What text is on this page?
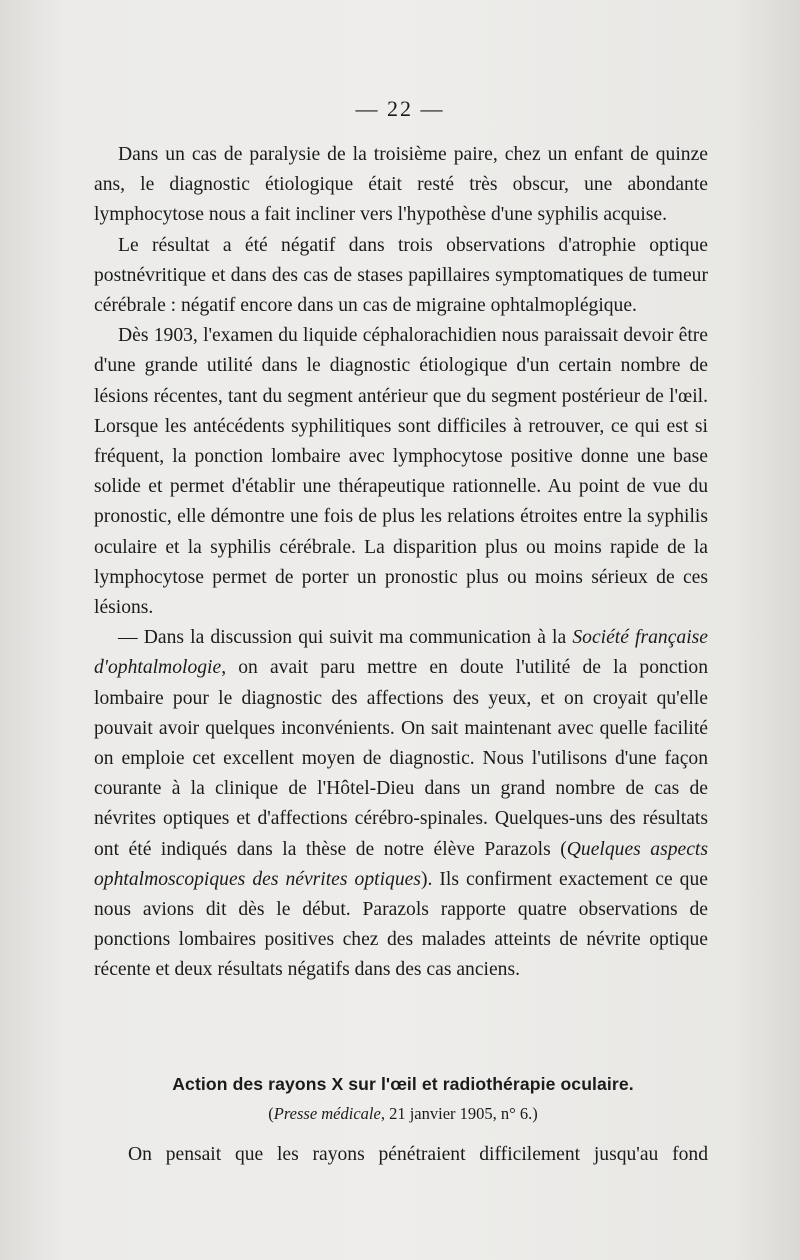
— 22 —

Dans un cas de paralysie de la troisième paire, chez un enfant de quinze ans, le diagnostic étiologique était resté très obscur, une abondante lymphocytose nous a fait incliner vers l'hypothèse d'une syphilis acquise.

Le résultat a été négatif dans trois observations d'atrophie optique postnévritique et dans des cas de stases papillaires symptomatiques de tumeur cérébrale : négatif encore dans un cas de migraine ophtalmoplégique.

Dès 1903, l'examen du liquide céphalorachidien nous paraissait devoir être d'une grande utilité dans le diagnostic étiologique d'un certain nombre de lésions récentes, tant du segment antérieur que du segment postérieur de l'œil. Lorsque les antécédents syphilitiques sont difficiles à retrouver, ce qui est si fréquent, la ponction lombaire avec lymphocytose positive donne une base solide et permet d'établir une thérapeutique rationnelle. Au point de vue du pronostic, elle démontre une fois de plus les relations étroites entre la syphilis oculaire et la syphilis cérébrale. La disparition plus ou moins rapide de la lymphocytose permet de porter un pronostic plus ou moins sérieux de ces lésions.

— Dans la discussion qui suivit ma communication à la Société française d'ophtalmologie, on avait paru mettre en doute l'utilité de la ponction lombaire pour le diagnostic des affections des yeux, et on croyait qu'elle pouvait avoir quelques inconvénients. On sait maintenant avec quelle facilité on emploie cet excellent moyen de diagnostic. Nous l'utilisons d'une façon courante à la clinique de l'Hôtel-Dieu dans un grand nombre de cas de névrites optiques et d'affections cérébro-spinales. Quelques-uns des résultats ont été indiqués dans la thèse de notre élève Parazols (Quelques aspects ophtalmoscopiques des névrites optiques). Ils confirment exactement ce que nous avions dit dès le début. Parazols rapporte quatre observations de ponctions lombaires positives chez des malades atteints de névrite optique récente et deux résultats négatifs dans des cas anciens.

Action des rayons X sur l'œil et radiothérapie oculaire.
(Presse médicale, 21 janvier 1905, n° 6.)
On pensait que les rayons pénétraient difficilement jusqu'au fond
